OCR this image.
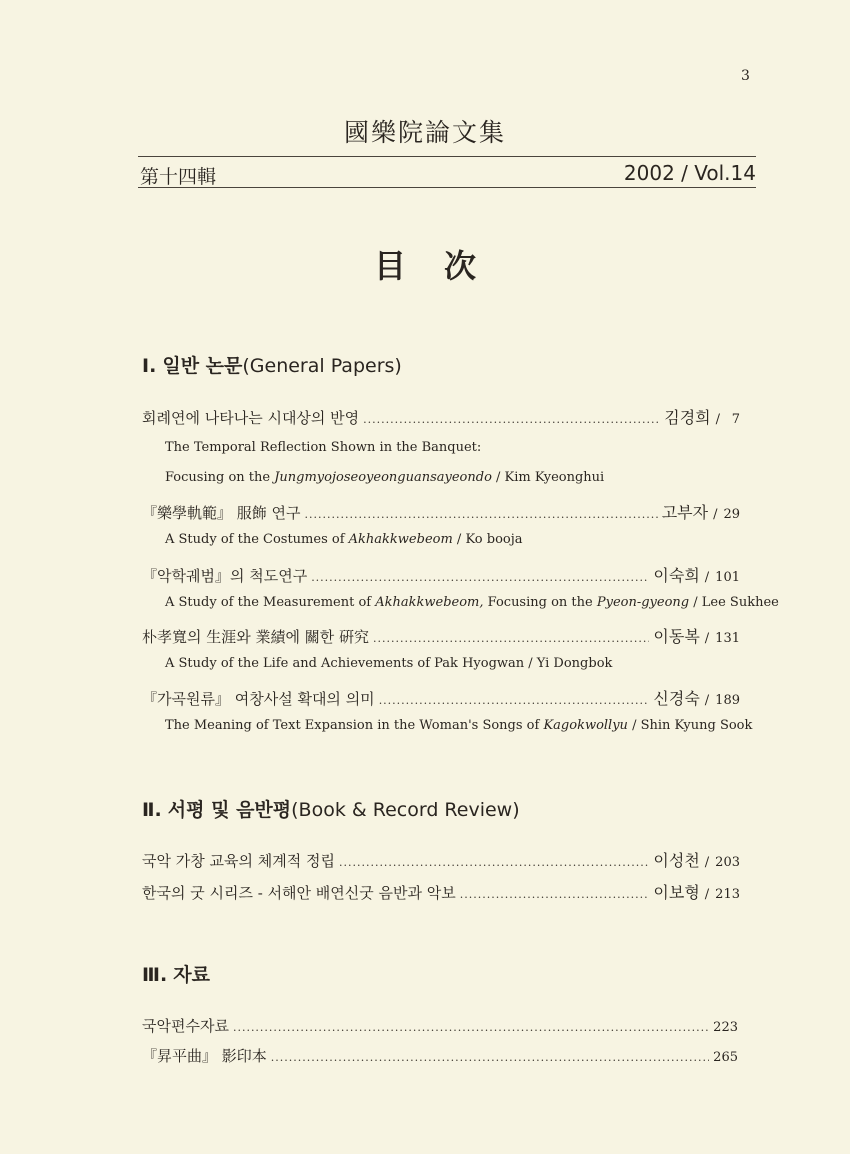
3
國樂院論文集
第十四輯	2002 / Vol.14
目次
Ⅰ. 일반 논문(General Papers)
회례연에 나타나는 시대상의 반영 .....	김경희 / 7
The Temporal Reflection Shown in the Banquet:
Focusing on the Jungmyojoseoyeonguansayeondo / Kim Kyeonghui
『樂學軌範』 服飾 연구 .....	고부자 / 29
A Study of the Costumes of Akhakkwebeom / Ko booja
『악학궤범』의 척도연구 .....	이숙희 / 101
A Study of the Measurement of Akhakkwebeom, Focusing on the Pyeon-gyeong / Lee Sukhee
朴孝寬의 生涯와 業績에 關한 硏究 .....	이동복 / 131
A Study of the Life and Achievements of Pak Hyogwan / Yi Dongbok
『가곡원류』 여창사설 확대의 의미 .....	신경숙 / 189
The Meaning of Text Expansion in the Woman's Songs of Kagokwollyu / Shin Kyung Sook
Ⅱ. 서평 및 음반평(Book & Record Review)
국악 가창 교육의 체계적 정립 .....	이성천 / 203
한국의 굿 시리즈 - 서해안 배연신굿 음반과 악보 .....	이보형 / 213
Ⅲ. 자료
국악편수자료 .....	223
『昇平曲』 影印本 .....	265
